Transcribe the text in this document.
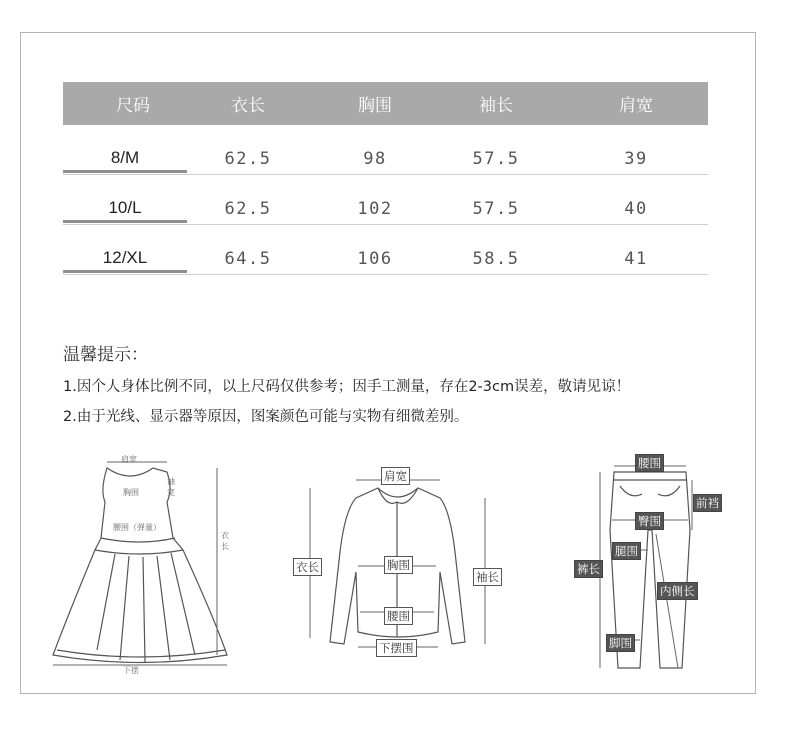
尺码	衣长	胸围	袖长	肩宽
8/M	62.5	98	57.5	39
10/L	62.5	102	57.5	40
12/XL	64.5	106	58.5	41
温馨提示：
1.因个人身体比例不同，以上尺码仅供参考；因手工测量，存在2-3cm误差，敬请见谅！
2.由于光线、显示器等原因，图案颜色可能与实物有细微差别。
肩宽
胸围
袖宽
腰围（弹量）
衣长
下摆
肩宽
衣长	胸围
袖长
腰围
下摆围
腰围
前裆
臀围
腿围
裤长
内侧长
脚围
